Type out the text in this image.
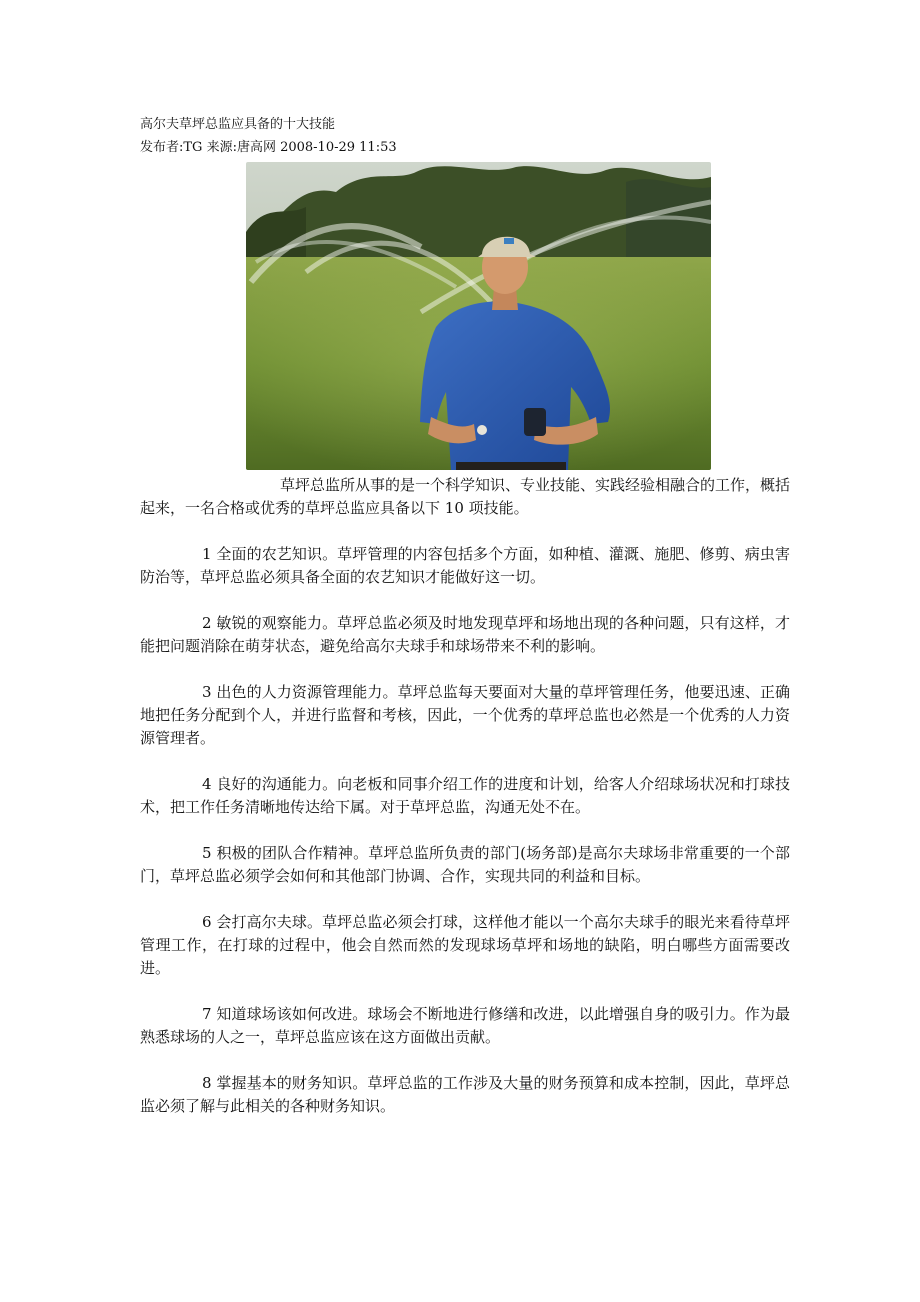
高尔夫草坪总监应具备的十大技能
发布者:TG 来源:唐高网 2008-10-29 11:53

草坪总监所从事的是一个科学知识、专业技能、实践经验相融合的工作，概括起来，一名合格或优秀的草坪总监应具备以下 10 项技能。

1 全面的农艺知识。草坪管理的内容包括多个方面，如种植、灌溉、施肥、修剪、病虫害防治等，草坪总监必须具备全面的农艺知识才能做好这一切。

2 敏锐的观察能力。草坪总监必须及时地发现草坪和场地出现的各种问题，只有这样，才能把问题消除在萌芽状态，避免给高尔夫球手和球场带来不利的影响。

3 出色的人力资源管理能力。草坪总监每天要面对大量的草坪管理任务，他要迅速、正确地把任务分配到个人，并进行监督和考核，因此，一个优秀的草坪总监也必然是一个优秀的人力资源管理者。

4 良好的沟通能力。向老板和同事介绍工作的进度和计划，给客人介绍球场状况和打球技术，把工作任务清晰地传达给下属。对于草坪总监，沟通无处不在。

5 积极的团队合作精神。草坪总监所负责的部门(场务部)是高尔夫球场非常重要的一个部门，草坪总监必须学会如何和其他部门协调、合作，实现共同的利益和目标。

6 会打高尔夫球。草坪总监必须会打球，这样他才能以一个高尔夫球手的眼光来看待草坪管理工作，在打球的过程中，他会自然而然的发现球场草坪和场地的缺陷，明白哪些方面需要改进。

7 知道球场该如何改进。球场会不断地进行修缮和改进，以此增强自身的吸引力。作为最熟悉球场的人之一，草坪总监应该在这方面做出贡献。

8 掌握基本的财务知识。草坪总监的工作涉及大量的财务预算和成本控制，因此，草坪总监必须了解与此相关的各种财务知识。
